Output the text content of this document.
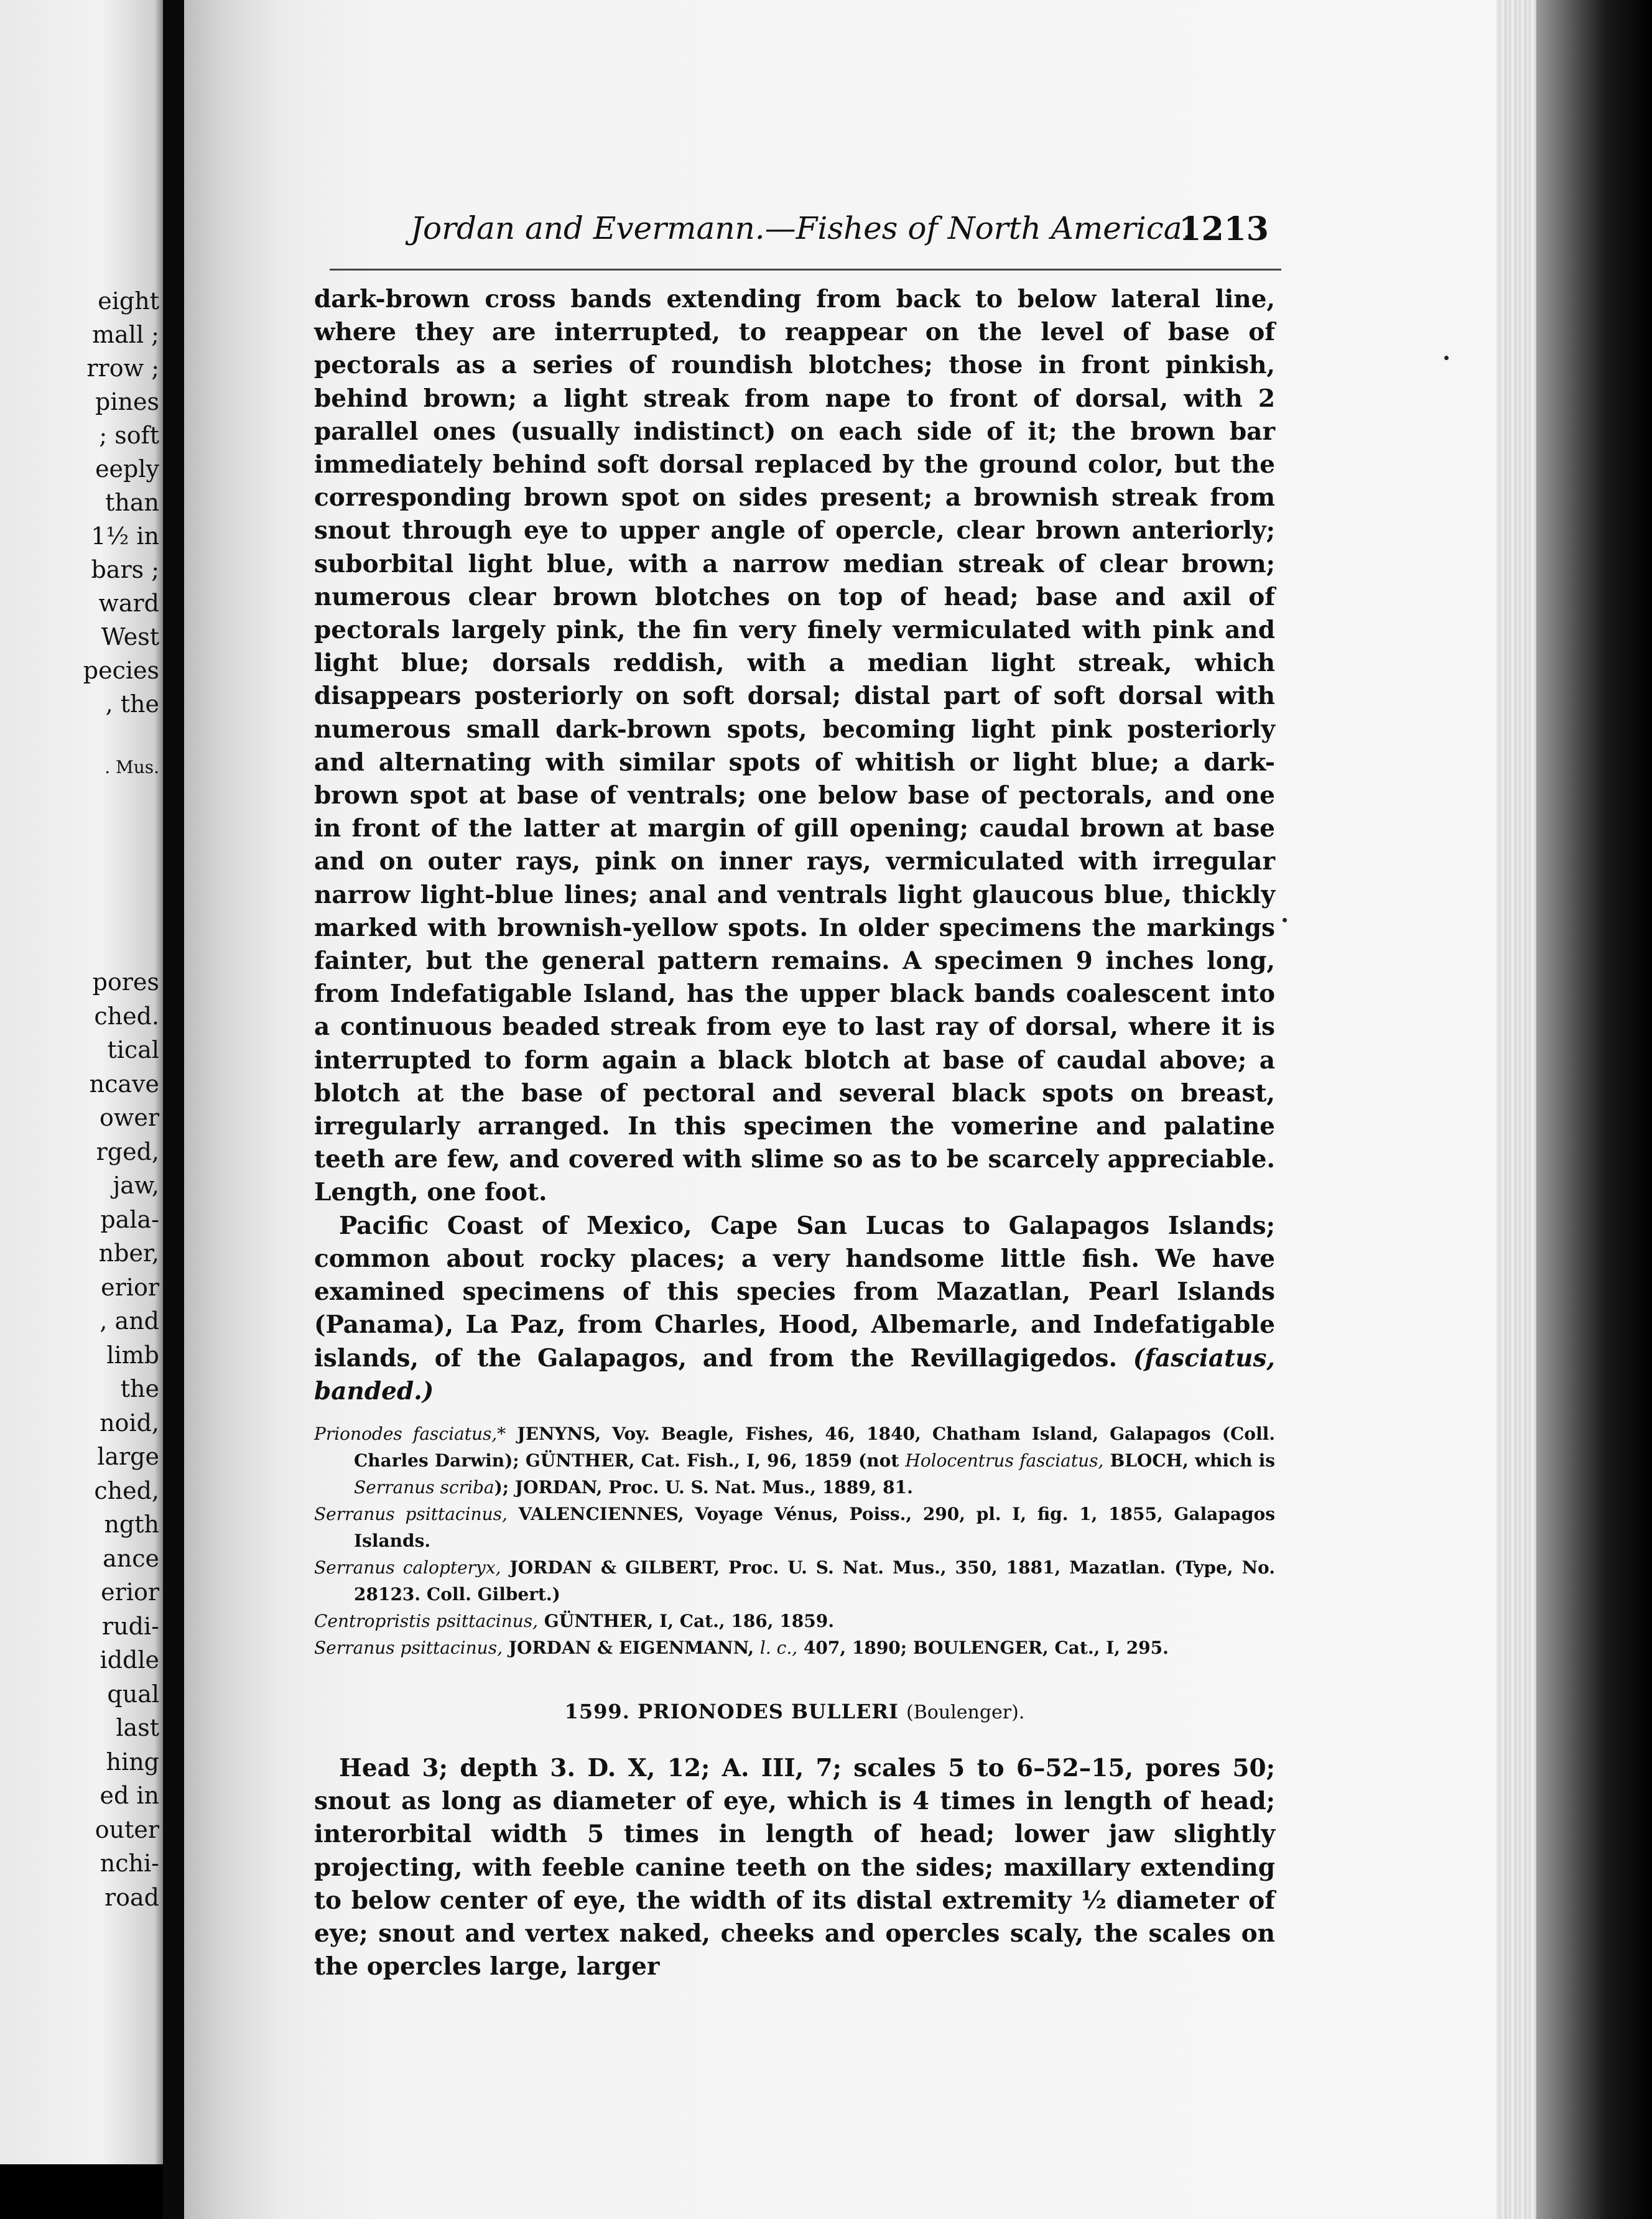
eight
mall ;
rrow ;
pines
; soft
eeply
than
1½ in
bars ;
ward
West
pecies
, the
. Mus.
pores
ched.
tical
ncave
ower
rged,
jaw,
pala-
nber,
erior
, and
limb
the
noid,
large
ched,
ngth
ance
erior
rudi-
iddle
qual
last
hing
ed in
outer
nchi-
road
Jordan and Evermann.—Fishes of North America.
1213

dark-brown cross bands extending from back to below lateral line, where they are interrupted, to reappear on the level of base of pectorals as a series of roundish blotches; those in front pinkish, behind brown; a light streak from nape to front of dorsal, with 2 parallel ones (usually indistinct) on each side of it; the brown bar immediately behind soft dorsal replaced by the ground color, but the corresponding brown spot on sides present; a brownish streak from snout through eye to upper angle of opercle, clear brown anteriorly; suborbital light blue, with a narrow median streak of clear brown; numerous clear brown blotches on top of head; base and axil of pectorals largely pink, the fin very finely vermiculated with pink and light blue; dorsals reddish, with a median light streak, which disappears posteriorly on soft dorsal; distal part of soft dorsal with numerous small dark-brown spots, becoming light pink posteriorly and alternating with similar spots of whitish or light blue; a dark-brown spot at base of ventrals; one below base of pectorals, and one in front of the latter at margin of gill opening; caudal brown at base and on outer rays, pink on inner rays, vermiculated with irregular narrow light-blue lines; anal and ventrals light glaucous blue, thickly marked with brownish-yellow spots. In older specimens the markings fainter, but the general pattern remains. A specimen 9 inches long, from Indefatigable Island, has the upper black bands coalescent into a continuous beaded streak from eye to last ray of dorsal, where it is interrupted to form again a black blotch at base of caudal above; a blotch at the base of pectoral and several black spots on breast, irregularly arranged. In this specimen the vomerine and palatine teeth are few, and covered with slime so as to be scarcely appreciable. Length, one foot.

Pacific Coast of Mexico, Cape San Lucas to Galapagos Islands; common about rocky places; a very handsome little fish. We have examined specimens of this species from Mazatlan, Pearl Islands (Panama), La Paz, from Charles, Hood, Albemarle, and Indefatigable islands, of the Galapagos, and from the Revillagigedos. (fasciatus, banded.)

Prionodes fasciatus,* JENYNS, Voy. Beagle, Fishes, 46, 1840, Chatham Island, Galapagos (Coll. Charles Darwin); GÜNTHER, Cat. Fish., I, 96, 1859 (not Holocentrus fasciatus, BLOCH, which is Serranus scriba); JORDAN, Proc. U. S. Nat. Mus., 1889, 81.

Serranus psittacinus, VALENCIENNES, Voyage Vénus, Poiss., 290, pl. I, fig. 1, 1855, Galapagos Islands.

Serranus calopteryx, JORDAN & GILBERT, Proc. U. S. Nat. Mus., 350, 1881, Mazatlan. (Type, No. 28123. Coll. Gilbert.)

Centropristis psittacinus, GÜNTHER, I, Cat., 186, 1859.

Serranus psittacinus, JORDAN & EIGENMANN, l. c., 407, 1890; BOULENGER, Cat., I, 295.

1599. PRIONODES BULLERI (Boulenger).

Head 3; depth 3. D. X, 12; A. III, 7; scales 5 to 6–52–15, pores 50; snout as long as diameter of eye, which is 4 times in length of head; interorbital width 5 times in length of head; lower jaw slightly projecting, with feeble canine teeth on the sides; maxillary extending to below center of eye, the width of its distal extremity ½ diameter of eye; snout and vertex naked, cheeks and opercles scaly, the scales on the opercles large, larger
